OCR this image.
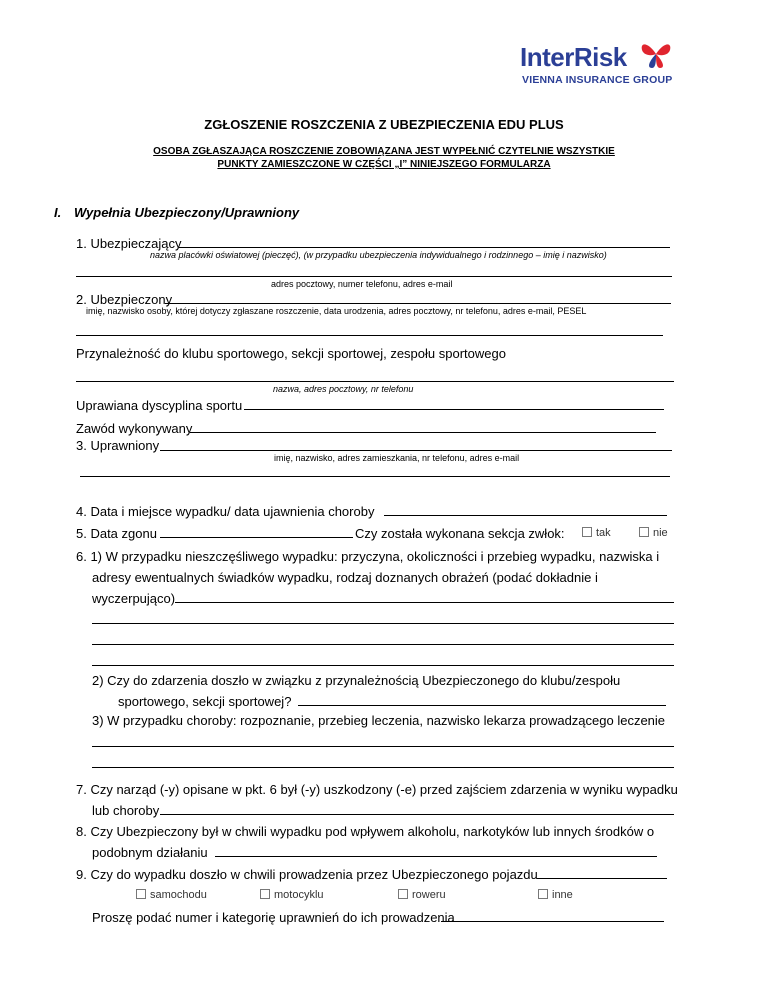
InterRisk
VIENNA INSURANCE GROUP
ZGŁOSZENIE ROSZCZENIA Z UBEZPIECZENIA EDU PLUS
OSOBA ZGŁASZAJĄCA ROSZCZENIE ZOBOWIĄZANA JEST WYPEŁNIĆ CZYTELNIE WSZYSTKIE
PUNKTY ZAMIESZCZONE W CZĘŚCI „I” NINIEJSZEGO FORMULARZA
I. Wypełnia Ubezpieczony/Uprawniony
1. Ubezpieczający
nazwa placówki oświatowej (pieczęć), (w przypadku ubezpieczenia indywidualnego i rodzinnego – imię i nazwisko)
adres pocztowy, numer telefonu, adres e-mail
2. Ubezpieczony
imię, nazwisko osoby, której dotyczy zgłaszane roszczenie, data urodzenia, adres pocztowy, nr telefonu, adres e-mail, PESEL
Przynależność do klubu sportowego, sekcji sportowej, zespołu sportowego
nazwa, adres pocztowy, nr telefonu
Uprawiana dyscyplina sportu
Zawód wykonywany
3. Uprawniony
imię, nazwisko, adres zamieszkania, nr telefonu, adres e-mail
4. Data i miejsce wypadku/ data ujawnienia choroby
5. Data zgonu	Czy została wykonana sekcja zwłok:	tak	nie
6. 1) W przypadku nieszczęśliwego wypadku: przyczyna, okoliczności i przebieg wypadku, nazwiska i
adresy ewentualnych świadków wypadku, rodzaj doznanych obrażeń (podać dokładnie i
wyczerpująco)
2) Czy do zdarzenia doszło w związku z przynależnością Ubezpieczonego do klubu/zespołu
sportowego, sekcji sportowej?
3) W przypadku choroby: rozpoznanie, przebieg leczenia, nazwisko lekarza prowadzącego leczenie
7. Czy narząd (-y) opisane w pkt. 6 był (-y) uszkodzony (-e) przed zajściem zdarzenia w wyniku wypadku
lub choroby
8. Czy Ubezpieczony był w chwili wypadku pod wpływem alkoholu, narkotyków lub innych środków o
podobnym działaniu
9. Czy do wypadku doszło w chwili prowadzenia przez Ubezpieczonego pojazdu
samochodu	motocyklu	roweru	inne
Proszę podać numer i kategorię uprawnień do ich prowadzenia
